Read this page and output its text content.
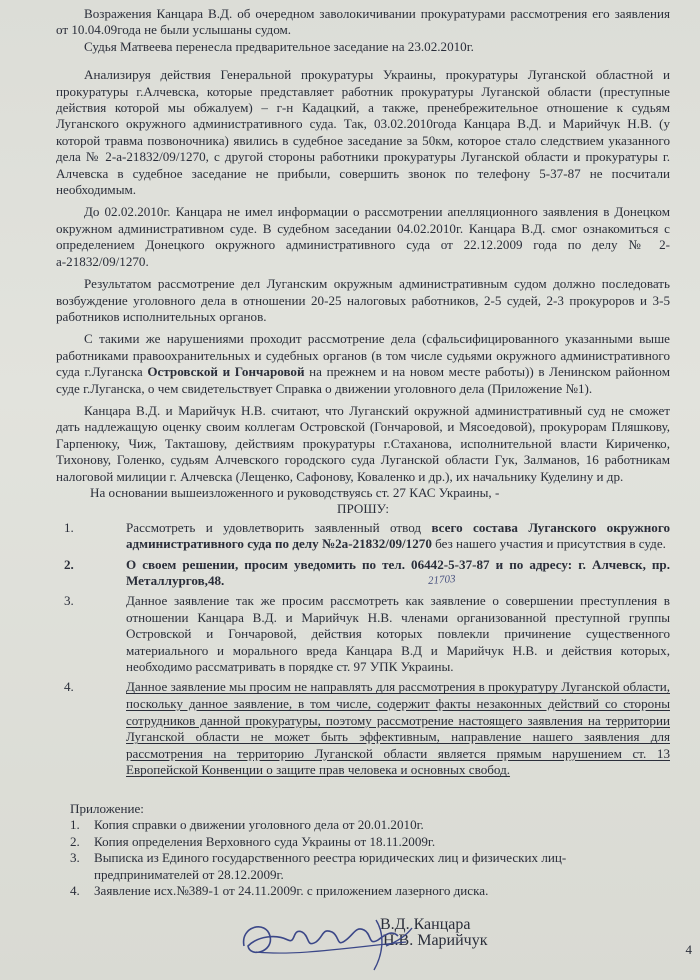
Возражения Канцара В.Д. об очередном заволокичивании прокуратурами рассмотрения его заявления от 10.04.09года не были услышаны судом.

Судья Матвеева перенесла предварительное заседание на 23.02.2010г.

Анализируя действия Генеральной прокуратуры Украины, прокуратуры Луганской областной и прокуратуры г.Алчевска, которые представляет работник прокуратуры Луганской области (преступные действия которой мы обжалуем) – г-н Кадацкий, а также, пренебрежительное отношение к судьям Луганского окружного административного суда. Так, 03.02.2010года Канцара В.Д. и Марийчук Н.В. (у которой травма позвоночника) явились в судебное заседание за 50км, которое стало следствием указанного дела № 2-а-21832/09/1270, с другой стороны работники прокуратуры Луганской области и прокуратуры г. Алчевска в судебное заседание не прибыли, совершить звонок по телефону 5-37-87 не посчитали необходимым.

До 02.02.2010г. Канцара не имел информации о рассмотрении апелляционного заявления в Донецком окружном административном суде. В судебном заседании 04.02.2010г. Канцара В.Д. смог ознакомиться с определением Донецкого окружного административного суда от 22.12.2009 года по делу № 2-а-21832/09/1270.

Результатом рассмотрение дел Луганским окружным административным судом должно последовать возбуждение уголовного дела в отношении 20-25 налоговых работников, 2-5 судей, 2-3 прокуроров и 3-5 работников исполнительных органов.

С такими же нарушениями проходит рассмотрение дела (сфальсифицированного указанными выше работниками правоохранительных и судебных органов (в том числе судьями окружного административного суда г.Луганска Островской и Гончаровой на прежнем и на новом месте работы)) в Ленинском районном суде г.Луганска, о чем свидетельствует Справка о движении уголовного дела (Приложение №1).

Канцара В.Д. и Марийчук Н.В. считают, что Луганский окружной административный суд не сможет дать надлежащую оценку своим коллегам Островской (Гончаровой, и Мясоедовой), прокурорам Пляшкову, Гарпенюку, Чиж, Такташову, действиям прокуратуры г.Стаханова, исполнительной власти Кириченко, Тихонову, Голенко, судьям Алчевского городского суда Луганской области Гук, Залманов, 16 работникам налоговой милиции г. Алчевска (Лещенко, Сафонову, Коваленко и др.), их начальнику Куделину и др.

На основании вышеизложенного и руководствуясь ст. 27 КАС Украины, -

ПРОШУ:

1.	Рассмотреть и удовлетворить заявленный отвод всего состава Луганского окружного административного суда по делу №2а-21832/09/1270 без нашего участия и присутствия в суде.
2.	О своем решении, просим уведомить по тел. 06442-5-37-87 и по адресу: г. Алчевск, пр. Металлургов,48.
3.	Данное заявление так же просим рассмотреть как заявление о совершении преступления в отношении Канцара В.Д. и Марийчук Н.В. членами организованной преступной группы Островской и Гончаровой, действия которых повлекли причинение существенного материального и морального вреда Канцара В.Д и Марийчук Н.В. и действия которых, необходимо рассматривать в порядке ст. 97 УПК Украины.
4.	Данное заявление мы просим не направлять для рассмотрения в прокуратуру Луганской области, поскольку данное заявление, в том числе, содержит факты незаконных действий со стороны сотрудников данной прокуратуры, поэтому рассмотрение настоящего заявления на территории Луганской области не может быть эффективным, направление нашего заявления для рассмотрения на территорию Луганской области является прямым нарушением ст. 13 Европейской Конвенции о защите прав человека и основных свобод.

Приложение:

1.	Копия справки о движении уголовного дела от 20.01.2010г.
2.	Копия определения Верховного суда Украины от 18.11.2009г.
3.	Выписка из Единого государственного реестра юридических лиц и физических лиц-предпринимателей от 28.12.2009г.
4.	Заявление исх.№389-1 от 24.11.2009г. с приложением лазерного диска.
21703
В.Д. Канцара
Н.В. Марийчук
4
